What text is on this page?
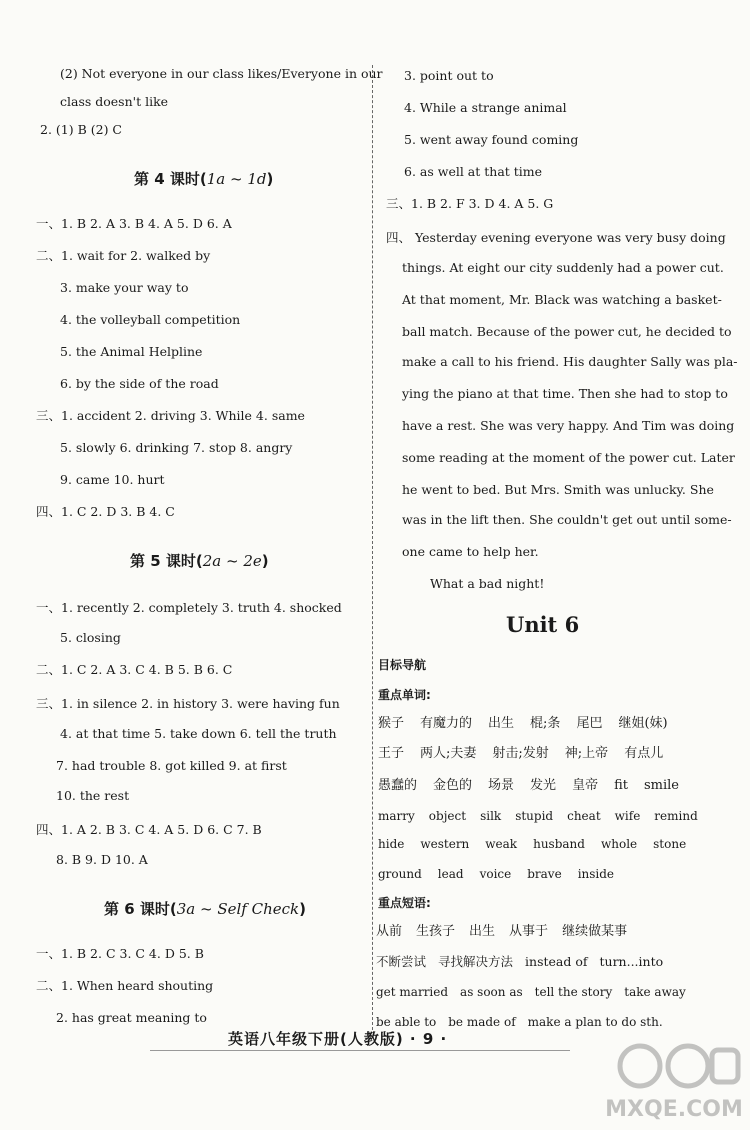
(2) Not everyone in our class likes/Everyone in our
class doesn't like
2. (1) B (2) C
一、1. B 2. A 3. B 4. A 5. D 6. A
二、1. wait for 2. walked by
3. make your way to
4. the volleyball competition
5. the Animal Helpline
6. by the side of the road
三、1. accident 2. driving 3. While 4. same
5. slowly 6. drinking 7. stop 8. angry
9. came 10. hurt
四、1. C 2. D 3. B 4. C
一、1. recently 2. completely 3. truth 4. shocked
5. closing
二、1. C 2. A 3. C 4. B 5. B 6. C
三、1. in silence 2. in history 3. were having fun
4. at that time 5. take down 6. tell the truth
7. had trouble 8. got killed 9. at first
10. the rest
四、1. A 2. B 3. C 4. A 5. D 6. C 7. B
8. B 9. D 10. A
一、1. B 2. C 3. C 4. D 5. B
二、1. When heard shouting
2. has great meaning to
第 4 课时(1a ~ 1d)
第 5 课时(2a ~ 2e)
第 6 课时(3a ~ Self Check)
3. point out to
4. While a strange animal
5. went away found coming
6. as well at that time
三、1. B 2. F 3. D 4. A 5. G
四、 Yesterday evening everyone was very busy doing
things. At eight our city suddenly had a power cut.
At that moment, Mr. Black was watching a basket-
ball match. Because of the power cut, he decided to
make a call to his friend. His daughter Sally was pla-
ying the piano at that time. Then she had to stop to
have a rest. She was very happy. And Tim was doing
some reading at the moment of the power cut. Later
he went to bed. But Mrs. Smith was unlucky. She
was in the lift then. She couldn't get out until some-
one came to help her.
What a bad night!
Unit 6
目标导航
重点单词:
重点短语:
猴子 有魔力的 出生 棍;条 尾巴 继姐(妹)
王子 两人;夫妻 射击;发射 神;上帝 有点儿
愚蠢的 金色的 场景 发光 皇帝 fit smile
marry object silk stupid cheat wife remind
hide western weak husband whole stone
ground lead voice brave inside
从前 生孩子 出生 从事于 继续做某事
不断尝试 寻找解决方法 instead of turn...into
get married as soon as tell the story take away
be able to be made of make a plan to do sth.
英语八年级下册(人教版) · 9 ·
MXQE.COM
